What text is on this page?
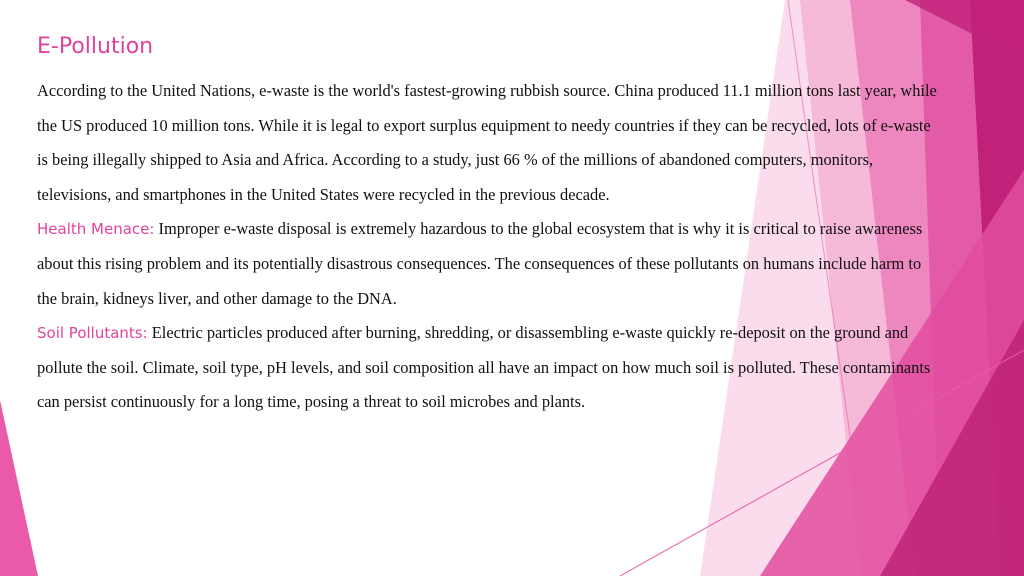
E-Pollution

According to the United Nations, e-waste is the world's fastest-growing rubbish source. China produced 11.1 million tons last year, while the US produced 10 million tons. While it is legal to export surplus equipment to needy countries if they can be recycled, lots of e-waste is being illegally shipped to Asia and Africa. According to a study, just 66 % of the millions of abandoned computers, monitors, televisions, and smartphones in the United States were recycled in the previous decade.

Health Menace: Improper e-waste disposal is extremely hazardous to the global ecosystem that is why it is critical to raise awareness about this rising problem and its potentially disastrous consequences. The consequences of these pollutants on humans include harm to the brain, kidneys liver, and other damage to the DNA.

Soil Pollutants: Electric particles produced after burning, shredding, or disassembling e-waste quickly re-deposit on the ground and pollute the soil. Climate, soil type, pH levels, and soil composition all have an impact on how much soil is polluted. These contaminants can persist continuously for a long time, posing a threat to soil microbes and plants.
